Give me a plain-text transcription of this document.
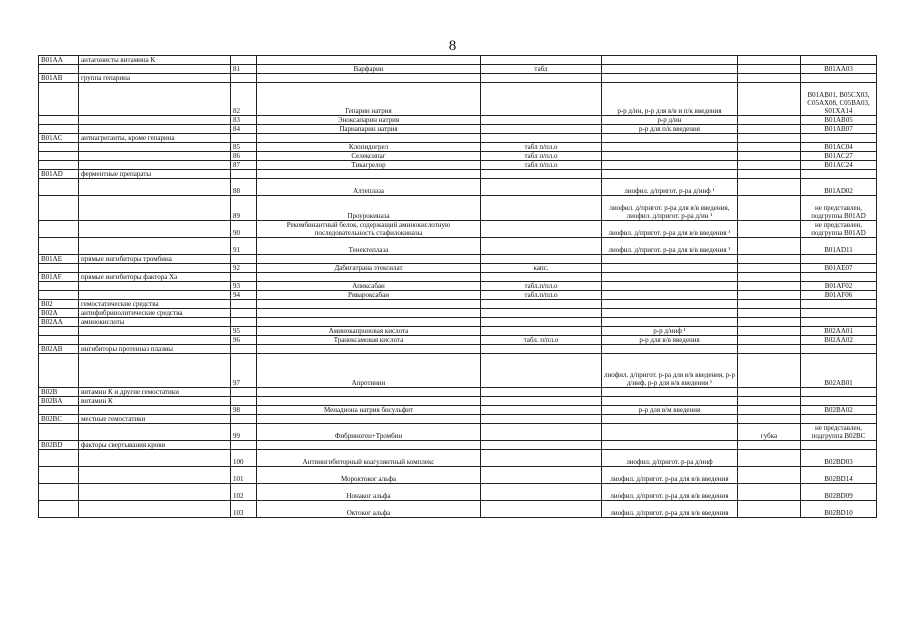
8
B01AA	антагонисты витамина К						
		81	Варфарин	табл			B01AA03
B01AB	группа гепарина						
		82	Гепарин натрия		р-р д/ин, р-р для в/в и п/к введения		B01AB01, B05CX03, C05AX08, C05BA03, S01XA14
		83	Эноксапарин натрия		р-р д/ин		B01AB05
		84	Парнапарин натрия		р-р для п/к введения		B01AB07
B01AC	антиагреганты, кроме гепарина						
		85	Клопидогрел	табл п/пл.о			B01AC04
		86	Селексипаг	табл п/пл.о			B01AC27
		87	Тикагрелор	табл п/пл.о			B01AC24
B01AD	ферментные препараты						
		88	Алтеплаза		лиофил. д/пригот. р-ра д/инф ¹		B01AD02
		89	Проурокиназа		лиофил. д/пригот. р-ра для в/в введения, лиофил. д/пригот. р-ра д/ин ¹		не представлен, подгруппа B01AD
		90	Рекомбинантный белок, содержащий аминокислотную последовательность стафилокиназы		лиофил. д/пригот. р-ра для в/в введения ¹		не представлен, подгруппа B01AD
		91	Тенектеплаза		лиофил. д/пригот. р-ра для в/в введения ¹		B01AD11
B01AE	прямые ингибиторы тромбина						
		92	Дабигатрана этексилат	капс.			B01AE07
B01AF	прямые ингибиторы фактора Xa						
		93	Апиксабан	табл.п/пл.о			B01AF02
		94	Ривароксабан	табл.п/пл.о			B01AF06
B02	гемостатические средства						
B02A	антифибринолитические средства						
B02AA	аминокислоты						
		95	Аминокапроновая кислота		р-р д/инф ¹		B02AA01
		96	Транексамовая кислота	табл. п/пл.о	р-р для в/в введения		B02AA02
B02AB	ингибиторы протеиназ плазмы						
		97	Апротинин		лиофил. д/пригот. р-ра для в/в введения, р-р д/инф, р-р для в/в введения ¹		B02AB01
B02B	витамин К и другие гемостатики						
B02BA	витамин К						
		98	Менадиона натрия бисульфит		р-р для в/м введения		B02BA02
B02BC	местные гемостатики						
		99	Фибриноген+Тромбин			губка	не представлен, подгруппа B02BC
B02BD	факторы свертывания крови						
		100	Антиингибиторный коагулянтный комплекс		лиофил. д/пригот. р-ра д/инф		B02BD03
		101	Мороктоког альфа		лиофил. д/пригот. р-ра для в/в введения		B02BD14
		102	Нонаког альфа		лиофил. д/пригот. р-ра для в/в введения		B02BD09
		103	Октоког альфа		лиофил. д/пригот. р-ра для в/в введения		B02BD10
